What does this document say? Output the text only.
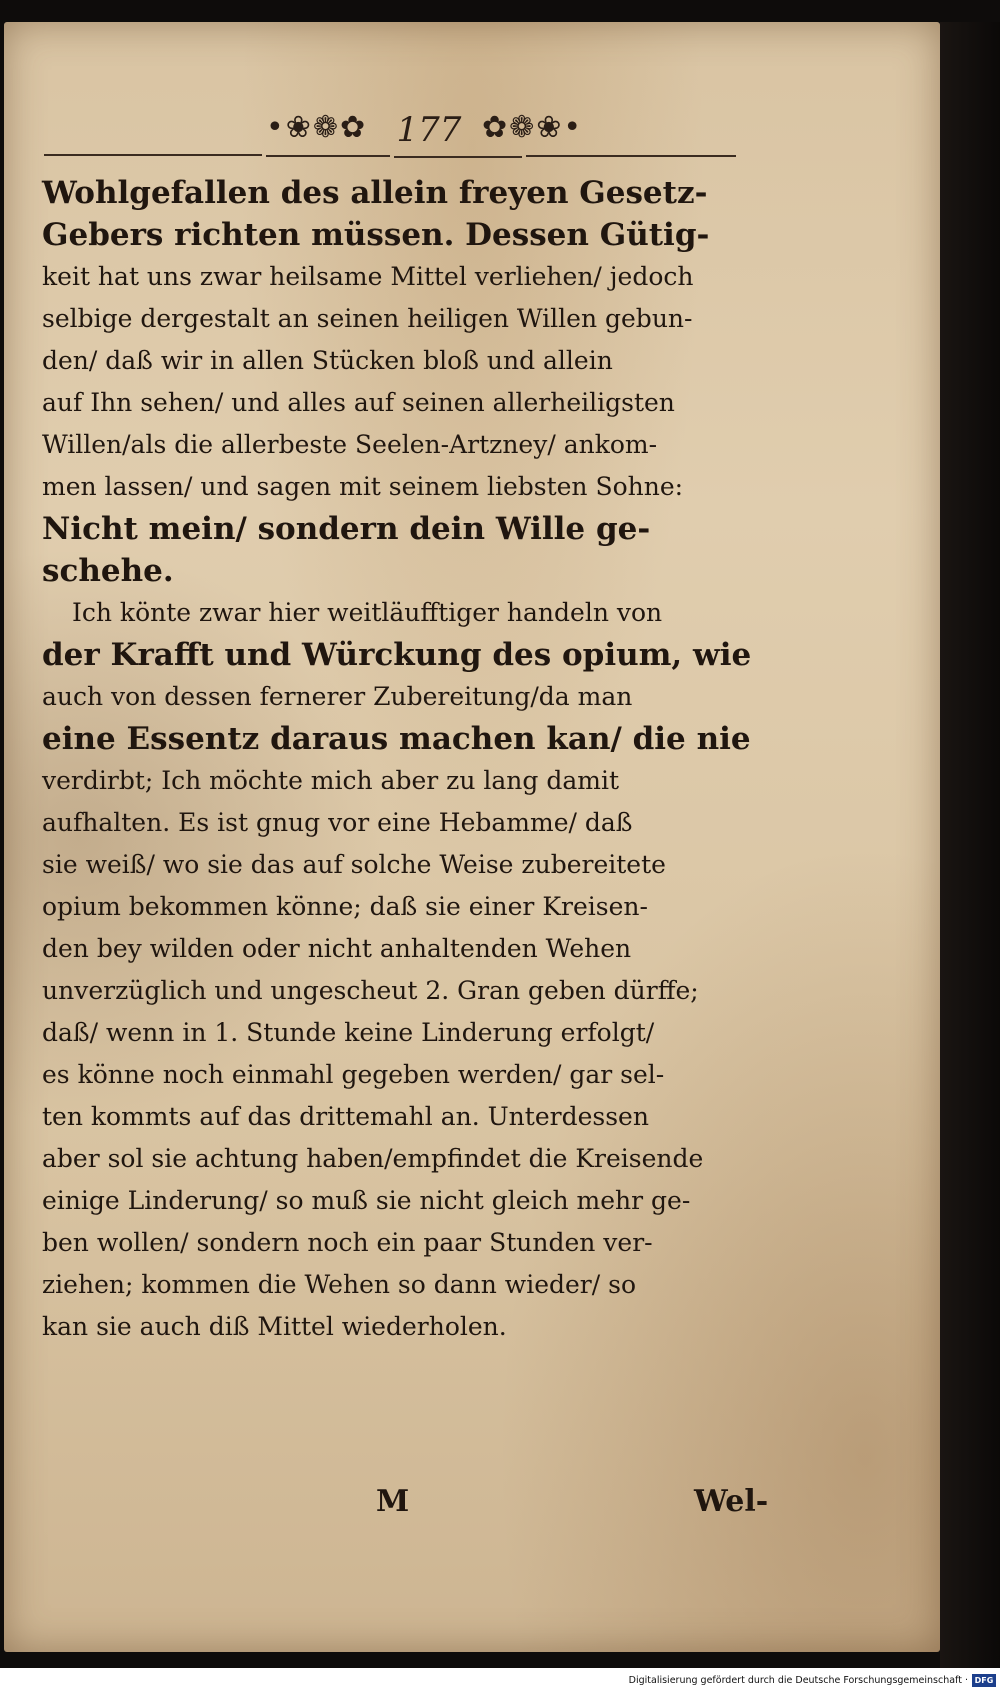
•❀❁✿ 177 ✿❁❀•
Wohlgefallen des allein freyen Gesetz-
Gebers richten müssen. Dessen Gütig-
keit hat uns zwar heilsame Mittel verliehen/ jedoch
selbige dergestalt an seinen heiligen Willen gebun-
den/ daß wir in allen Stücken bloß und allein
auf Ihn sehen/ und alles auf seinen allerheiligsten
Willen/als die allerbeste Seelen-Artzney/ ankom-
men lassen/ und sagen mit seinem liebsten Sohne:
Nicht mein/ sondern dein Wille ge-
schehe.
Ich könte zwar hier weitläufftiger handeln von
der Krafft und Würckung des opium, wie
auch von dessen fernerer Zubereitung/da man
eine Essentz daraus machen kan/ die nie
verdirbt; Ich möchte mich aber zu lang damit
aufhalten. Es ist gnug vor eine Hebamme/ daß
sie weiß/ wo sie das auf solche Weise zubereitete
opium bekommen könne; daß sie einer Kreisen-
den bey wilden oder nicht anhaltenden Wehen
unverzüglich und ungescheut 2. Gran geben dürffe;
daß/ wenn in 1. Stunde keine Linderung erfolgt/
es könne noch einmahl gegeben werden/ gar sel-
ten kommts auf das drittemahl an. Unterdessen
aber sol sie achtung haben/empfindet die Kreisende
einige Linderung/ so muß sie nicht gleich mehr ge-
ben wollen/ sondern noch ein paar Stunden ver-
ziehen; kommen die Wehen so dann wieder/ so
kan sie auch diß Mittel wiederholen.
M	Wel-
Digitalisierung gefördert durch die Deutsche Forschungsgemeinschaft · DFG
